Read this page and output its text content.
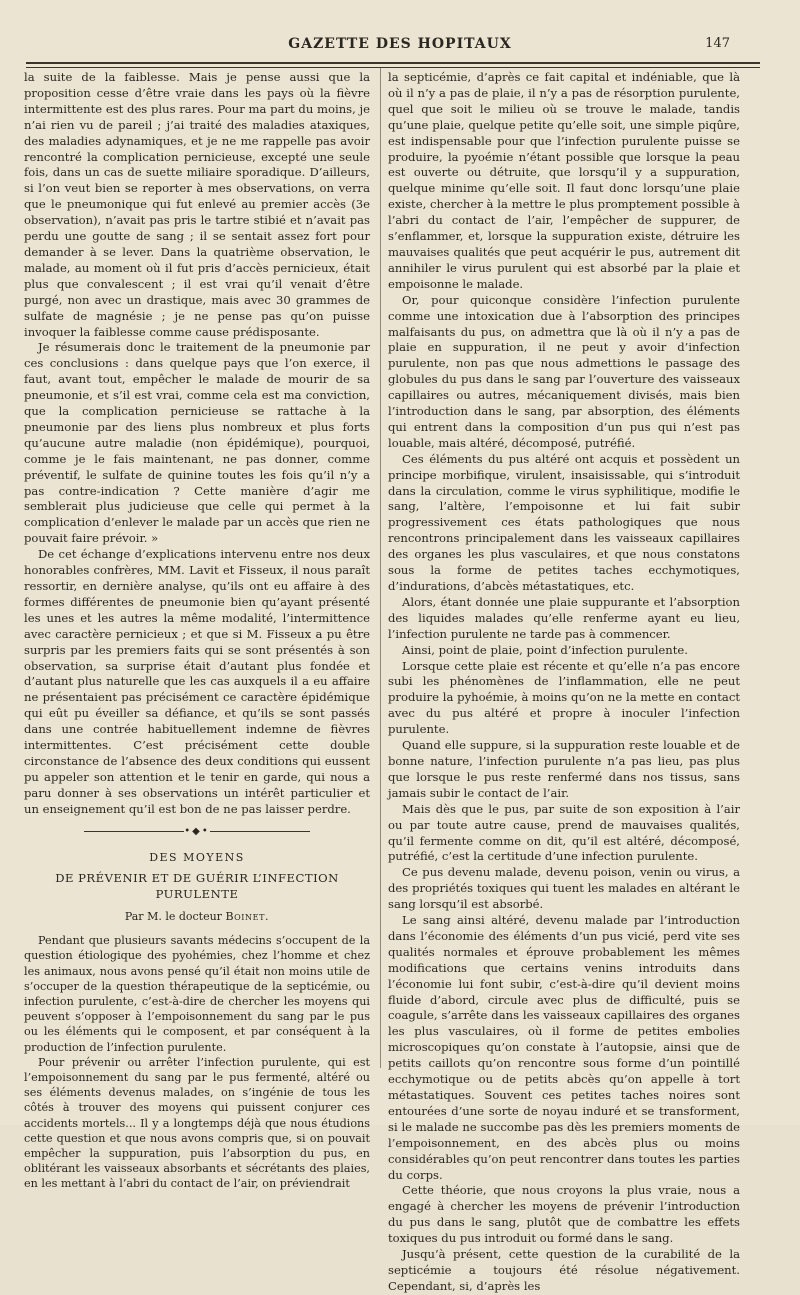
GAZETTE DES HOPITAUX	147

la suite de la faiblesse. Mais je pense aussi que la proposition cesse d’être vraie dans les pays où la fièvre intermittente est des plus rares. Pour ma part du moins, je n’ai rien vu de pareil ; j’ai traité des maladies ataxiques, des maladies adynamiques, et je ne me rappelle pas avoir rencontré la complication pernicieuse, excepté une seule fois, dans un cas de suette miliaire sporadique. D’ailleurs, si l’on veut bien se reporter à mes observations, on verra que le pneumonique qui fut enlevé au premier accès (3e observation), n’avait pas pris le tartre stibié et n’avait pas perdu une goutte de sang ; il se sentait assez fort pour demander à se lever. Dans la quatrième observation, le malade, au moment où il fut pris d’accès pernicieux, était plus que convalescent ; il est vrai qu’il venait d’être purgé, non avec un drastique, mais avec 30 grammes de sulfate de magnésie ; je ne pense pas qu’on puisse invoquer la faiblesse comme cause prédisposante.

Je résumerais donc le traitement de la pneumonie par ces conclusions : dans quelque pays que l’on exerce, il faut, avant tout, empêcher le malade de mourir de sa pneumonie, et s’il est vrai, comme cela est ma conviction, que la complication pernicieuse se rattache à la pneumonie par des liens plus nombreux et plus forts qu’aucune autre maladie (non épidémique), pourquoi, comme je le fais maintenant, ne pas donner, comme préventif, le sulfate de quinine toutes les fois qu’il n’y a pas contre-indication ? Cette manière d’agir me semblerait plus judicieuse que celle qui permet à la complication d’enlever le malade par un accès que rien ne pouvait faire prévoir. »

De cet échange d’explications intervenu entre nos deux honorables confrères, MM. Lavit et Fisseux, il nous paraît ressortir, en dernière analyse, qu’ils ont eu affaire à des formes différentes de pneumonie bien qu’ayant présenté les unes et les autres la même modalité, l’intermittence avec caractère pernicieux ; et que si M. Fisseux a pu être surpris par les premiers faits qui se sont présentés à son observation, sa surprise était d’autant plus fondée et d’autant plus naturelle que les cas auxquels il a eu affaire ne présentaient pas précisément ce caractère épidémique qui eût pu éveiller sa défiance, et qu’ils se sont passés dans une contrée habituellement indemne de fièvres intermittentes. C’est précisément cette double circonstance de l’absence des deux conditions qui eussent pu appeler son attention et le tenir en garde, qui nous a paru donner à ses observations un intérêt particulier et un enseignement qu’il est bon de ne pas laisser perdre.

•◆•
DES MOYENS
DE PRÉVENIR ET DE GUÉRIR L’INFECTION PURULENTE
Par M. le docteur Boinet.

Pendant que plusieurs savants médecins s’occupent de la question étiologique des pyohémies, chez l’homme et chez les animaux, nous avons pensé qu’il était non moins utile de s’occuper de la question thérapeutique de la septicémie, ou infection purulente, c’est-à-dire de chercher les moyens qui peuvent s’opposer à l’empoisonnement du sang par le pus ou les éléments qui le composent, et par conséquent à la production de l’infection purulente.

Pour prévenir ou arrêter l’infection purulente, qui est l’empoisonnement du sang par le pus fermenté, altéré ou ses éléments devenus malades, on s’ingénie de tous les côtés à trouver des moyens qui puissent conjurer ces accidents mortels... Il y a longtemps déjà que nous étudions cette question et que nous avons compris que, si on pouvait empêcher la suppuration, puis l’absorption du pus, en oblitérant les vaisseaux absorbants et sécrétants des plaies, en les mettant à l’abri du contact de l’air, on préviendrait

la septicémie, d’après ce fait capital et indéniable, que là où il n’y a pas de plaie, il n’y a pas de résorption purulente, quel que soit le milieu où se trouve le malade, tandis qu’une plaie, quelque petite qu’elle soit, une simple piqûre, est indispensable pour que l’infection purulente puisse se produire, la pyoémie n’étant possible que lorsque la peau est ouverte ou détruite, que lorsqu’il y a suppuration, quelque minime qu’elle soit. Il faut donc lorsqu’une plaie existe, chercher à la mettre le plus promptement possible à l’abri du contact de l’air, l’empêcher de suppurer, de s’enflammer, et, lorsque la suppuration existe, détruire les mauvaises qualités que peut acquérir le pus, autrement dit annihiler le virus purulent qui est absorbé par la plaie et empoisonne le malade.

Or, pour quiconque considère l’infection purulente comme une intoxication due à l’absorption des principes malfaisants du pus, on admettra que là où il n’y a pas de plaie en suppuration, il ne peut y avoir d’infection purulente, non pas que nous admettions le passage des globules du pus dans le sang par l’ouverture des vaisseaux capillaires ou autres, mécaniquement divisés, mais bien l’introduction dans le sang, par absorption, des éléments qui entrent dans la composition d’un pus qui n’est pas louable, mais altéré, décomposé, putréfié.

Ces éléments du pus altéré ont acquis et possèdent un principe morbifique, virulent, insaisissable, qui s’introduit dans la circulation, comme le virus syphilitique, modifie le sang, l’altère, l’empoisonne et lui fait subir progressivement ces états pathologiques que nous rencontrons principalement dans les vaisseaux capillaires des organes les plus vasculaires, et que nous constatons sous la forme de petites taches ecchymotiques, d’indurations, d’abcès métastatiques, etc.

Alors, étant donnée une plaie suppurante et l’absorption des liquides malades qu’elle renferme ayant eu lieu, l’infection purulente ne tarde pas à commencer.

Ainsi, point de plaie, point d’infection purulente.

Lorsque cette plaie est récente et qu’elle n’a pas encore subi les phénomènes de l’inflammation, elle ne peut produire la pyhoémie, à moins qu’on ne la mette en contact avec du pus altéré et propre à inoculer l’infection purulente.

Quand elle suppure, si la suppuration reste louable et de bonne nature, l’infection purulente n’a pas lieu, pas plus que lorsque le pus reste renfermé dans nos tissus, sans jamais subir le contact de l’air.

Mais dès que le pus, par suite de son exposition à l’air ou par toute autre cause, prend de mauvaises qualités, qu’il fermente comme on dit, qu’il est altéré, décomposé, putréfié, c’est la certitude d’une infection purulente.

Ce pus devenu malade, devenu poison, venin ou virus, a des propriétés toxiques qui tuent les malades en altérant le sang lorsqu’il est absorbé.

Le sang ainsi altéré, devenu malade par l’introduction dans l’économie des éléments d’un pus vicié, perd vite ses qualités normales et éprouve probablement les mêmes modifications que certains venins introduits dans l’économie lui font subir, c’est-à-dire qu’il devient moins fluide d’abord, circule avec plus de difficulté, puis se coagule, s’arrête dans les vaisseaux capillaires des organes les plus vasculaires, où il forme de petites embolies microscopiques qu’on constate à l’autopsie, ainsi que de petits caillots qu’on rencontre sous forme d’un pointillé ecchymotique ou de petits abcès qu’on appelle à tort métastatiques. Souvent ces petites taches noires sont entourées d’une sorte de noyau induré et se transforment, si le malade ne succombe pas dès les premiers moments de l’empoisonnement, en des abcès plus ou moins considérables qu’on peut rencontrer dans toutes les parties du corps.

Cette théorie, que nous croyons la plus vraie, nous a engagé à chercher les moyens de prévenir l’introduction du pus dans le sang, plutôt que de combattre les effets toxiques du pus introduit ou formé dans le sang.

Jusqu’à présent, cette question de la curabilité de la septicémie a toujours été résolue négativement. Cependant, si, d’après les
